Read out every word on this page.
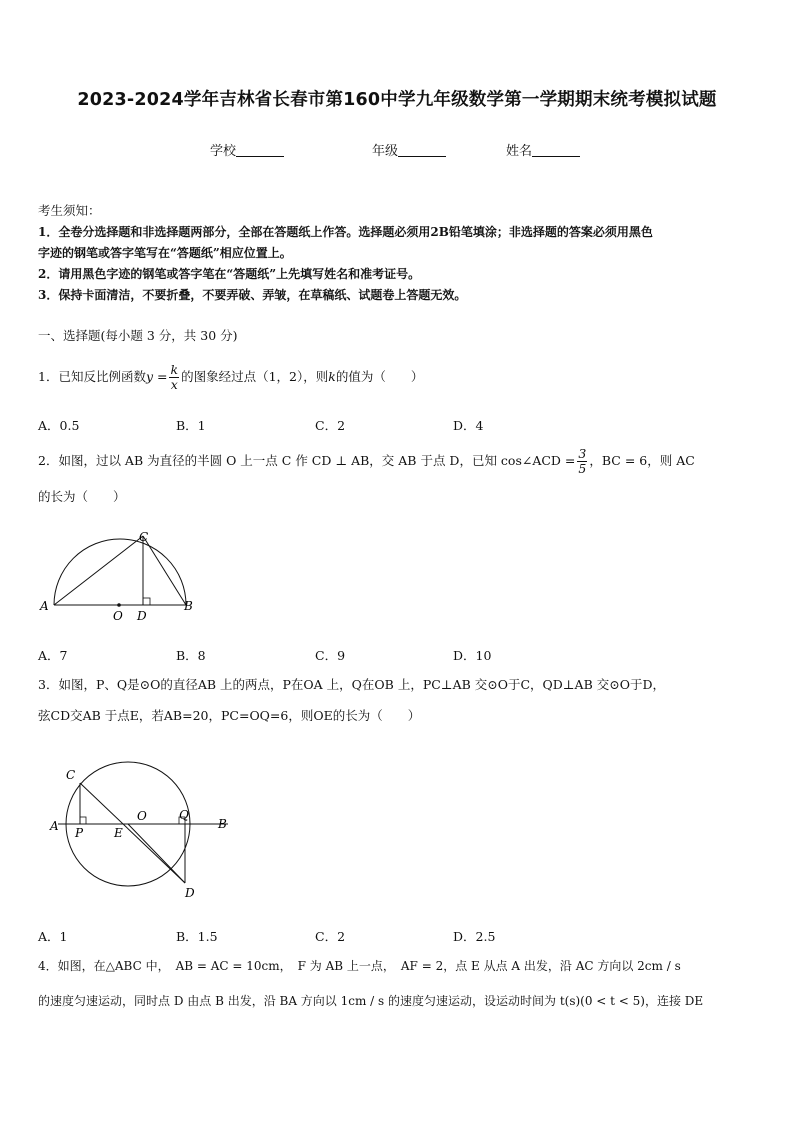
2023-2024学年吉林省长春市第160中学九年级数学第一学期期末统考模拟试题
学校	年级	姓名
考生须知：
1．全卷分选择题和非选择题两部分，全部在答题纸上作答。选择题必须用2B铅笔填涂；非选择题的答案必须用黑色
字迹的钢笔或答字笔写在“答题纸”相应位置上。
2．请用黑色字迹的钢笔或答字笔在“答题纸”上先填写姓名和准考证号。
3．保持卡面清洁，不要折叠，不要弄破、弄皱，在草稿纸、试题卷上答题无效。
一、选择题(每小题 3 分，共 30 分)
1．已知反比例函数$y = \frac{k}{x}$ 的图象经过点（1，2），则k的值为（　　）
A．0.5	B．1	C．2	D．4
2．如图，过以 AB 为直径的半圆 O 上一点 C 作 CD ⊥ AB，交 AB 于点 D，已知 cos∠ACD = $\frac{3}{5}$ ，BC = 6，则 AC
的长为（　　）
A	B
C
D
O
A．7	B．8	C．9	D．10
3．如图，P、Q是⊙O的直径AB 上的两点，P在OA 上，Q在OB 上，PC⊥AB 交⊙O于C，QD⊥AB 交⊙O于D，
弦CD交AB 于点E，若AB=20，PC=OQ=6，则OE的长为（　　）
C
A	B
O	Q
P	E
D
A．1	B．1.5	C．2	D．2.5
4．如图，在△ABC 中，　AB = AC = 10cm，　F 为 AB 上一点，　AF = 2，点 E 从点 A 出发，沿 AC 方向以 2cm / s
的速度匀速运动，同时点 D 由点 B 出发，沿 BA 方向以 1cm / s 的速度匀速运动，设运动时间为 t(s)(0 < t < 5)，连接 DE
